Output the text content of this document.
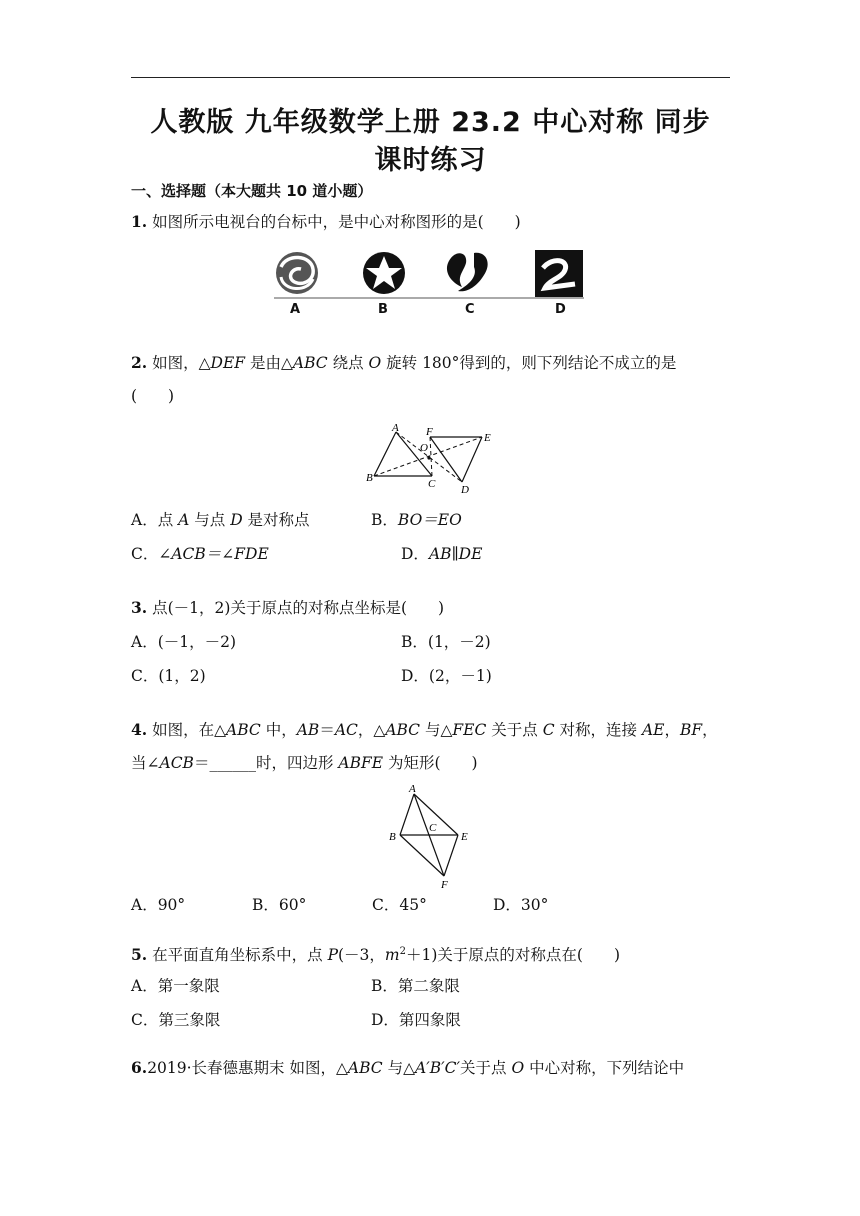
人教版 九年级数学上册 23.2 中心对称 同步
课时练习
一、选择题（本大题共 10 道小题）
1. 如图所示电视台的台标中，是中心对称图形的是(　　)
A	B	C	D
2. 如图，△DEF 是由△ABC 绕点 O 旋转 180°得到的，则下列结论不成立的是
(　　)
A F
O
E
B	C D
A．点 A 与点 D 是对称点	B．BO＝EO
C．∠ACB＝∠FDE	D．AB∥DE
3. 点(－1，2)关于原点的对称点坐标是(　　)
A．(－1，－2)	B．(1，－2)
C．(1，2)	D．(2，－1)
4. 如图，在△ABC 中，AB＝AC，△ABC 与△FEC 关于点 C 对称，连接 AE，BF，
当∠ACB＝______时，四边形 ABFE 为矩形(　　)
A
B
C
E
F
A．90°	B．60°	C．45°	D．30°
5. 在平面直角坐标系中，点 P(－3，$m^2+1$)关于原点的对称点在(　　)
A．第一象限	B．第二象限
C．第三象限	D．第四象限
6.2019·长春德惠期末 如图，△ABC 与△A′B′C′关于点 O 中心对称，下列结论中
